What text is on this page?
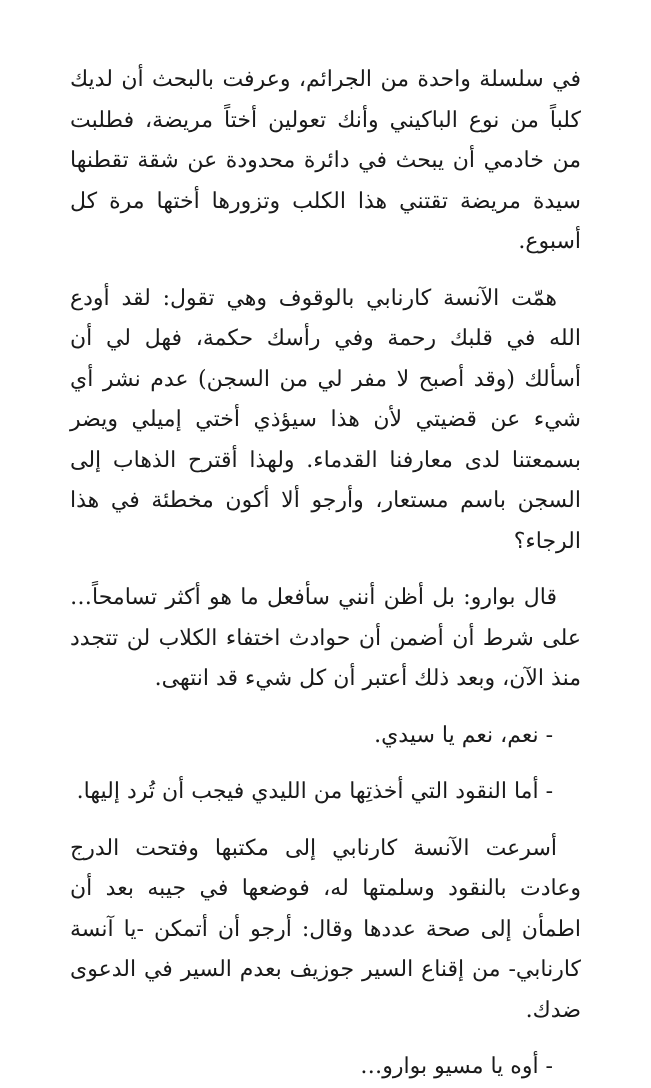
في سلسلة واحدة من الجرائم، وعرفت بالبحث أن لديك كلباً من نوع الباكيني وأنك تعولين أختاً مريضة، فطلبت من خادمي أن يبحث في دائرة محدودة عن شقة تقطنها سيدة مريضة تقتني هذا الكلب وتزورها أختها مرة كل أسبوع.

همّت الآنسة كارنابي بالوقوف وهي تقول: لقد أودع الله في قلبك رحمة وفي رأسك حكمة، فهل لي أن أسألك (وقد أصبح لا مفر لي من السجن) عدم نشر أي شيء عن قضيتي لأن هذا سيؤذي أختي إميلي ويضر بسمعتنا لدى معارفنا القدماء. ولهذا أقترح الذهاب إلى السجن باسم مستعار، وأرجو ألا أكون مخطئة في هذا الرجاء؟

قال بوارو: بل أظن أنني سأفعل ما هو أكثر تسامحاً… على شرط أن أضمن أن حوادث اختفاء الكلاب لن تتجدد منذ الآن، وبعد ذلك أعتبر أن كل شيء قد انتهى.

- نعم، نعم يا سيدي.

- أما النقود التي أخذتِها من الليدي فيجب أن تُرد إليها.

أسرعت الآنسة كارنابي إلى مكتبها وفتحت الدرج وعادت بالنقود وسلمتها له، فوضعها في جيبه بعد أن اطمأن إلى صحة عددها وقال: أرجو أن أتمكن -يا آنسة كارنابي- من إقناع السير جوزيف بعدم السير في الدعوى ضدك.

- أوه يا مسيو بوارو…
